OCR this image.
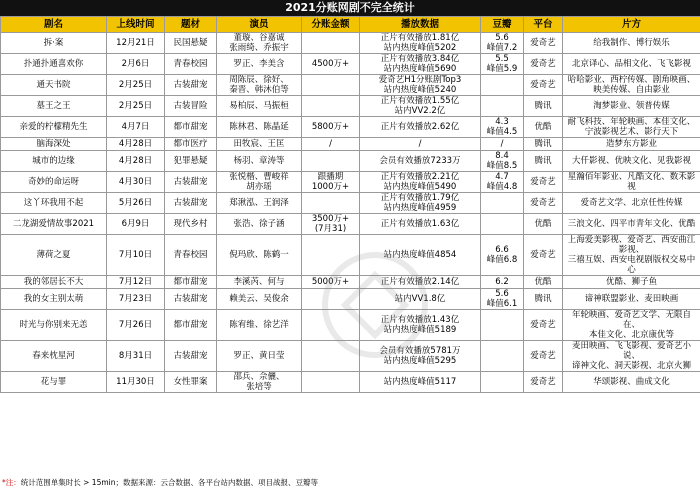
2021分账网剧不完全统计
剧名	上线时间	题材	演员	分账金额	播放数据	豆瓣	平台	片方
拆·案	12月21日	民国悬疑	董璇、谷嘉诚
张雨绮、乔振宇		正片有效播放1.81亿
站内热度峰值5202	5.6
峰值7.2	爱奇艺	给我制作、博行娱乐

扑通扑通喜欢你	2月6日	青春校园	罗正、李美含	4500万+	正片有效播放3.84亿
站内热度峰值5690	5.5
峰值5.9	爱奇艺	北京译心、品相文化、飞飞影视

通天书院	2月25日	古装甜宠	周陈辰、徐好、
秦晋、韩沐伯等		爱奇艺H1分账剧Top3
站内热度峰值5240		爱奇艺	哈哈影业、西柠传媒、剧角映画、
映美传媒、自由影业

墓王之王	2月25日	古装冒险	易柏辰、马振桓		正片有效播放1.55亿
站内VV2.2亿		腾讯	淘梦影业、领普传媒

亲爱的柠檬精先生	4月7日	都市甜宠	陈林君、陈晶延	5800万+	正片有效播放2.62亿	4.3
峰值4.5	优酷	耐飞科技、年轮映画、本佳文化、
宁波影视艺术、影行天下

脑海深处	4月28日	都市医疗	田牧宸、王匡	/	/	/	腾讯	造梦东方影业

城市的边缘	4月28日	犯罪悬疑	杨羽、章涛等		会员有效播放7233万	8.4
峰值8.5	腾讯	大仟影视、优映文化、见我影视

奇妙的命运呀	4月30日	古装甜宠	张悦楷、曹峻祥
胡亦瑶	跟播期
1000万+	正片有效播放2.21亿
站内热度峰值5490	4.7
峰值4.8	爱奇艺	星瀚佰年影业、凡酷文化、数禾影视

这丫环我用不起	5月26日	古装甜宠	郑湫泓、王润泽		正片有效播放1.79亿
站内热度峰值4959		爱奇艺	爱奇艺文学、北京任性传媒

二龙湖爱情故事2021	6月9日	现代乡村	张浩、徐子涵	3500万+
(7月31)	正片有效播放1.63亿		优酷	三浪文化、四平市青年文化、优酷

薄荷之夏	7月10日	青春校园	倪玛欣、陈鹤一		站内热度峰值4854	6.6
峰值6.8	爱奇艺	上海爱美影视、爱奇艺、西安曲江影视、
三禧互娱、西安电视剧版权交易中心

我的邻居长不大	7月12日	都市甜宠	李溪芮、何与	5000万+	正片有效播放2.14亿	6.2	优酷	优酷、狮子鱼

我的女主别太萌	7月23日	古装甜宠	赖美云、吴俊余		站内VV1.8亿	5.6
峰值6.1	腾讯	谛神联盟影业、麦田映画

时光与你别来无恙	7月26日	都市甜宠	陈宥维、徐艺洋		正片有效播放1.43亿
站内热度峰值5189		爱奇艺	年轮映画、爱奇艺文学、无限自在、
本佳文化、北京康优等

春来枕星河	8月31日	古装甜宠	罗正、黄日莹		会员有效播放5781万
站内热度峰值5295		爱奇艺	麦田映画、飞飞影视、爱奇艺小说、
谛神文化、洞天影视、北京火狮

花与罪	11月30日	女性罪案	邵兵、佘儷、
张培等		站内热度峰值5117		爱奇艺	华颂影视、曲成文化
*注：统计范围单集时长 > 15min；数据来源：云合数据、各平台站内数据、项目战报、豆瓣等
